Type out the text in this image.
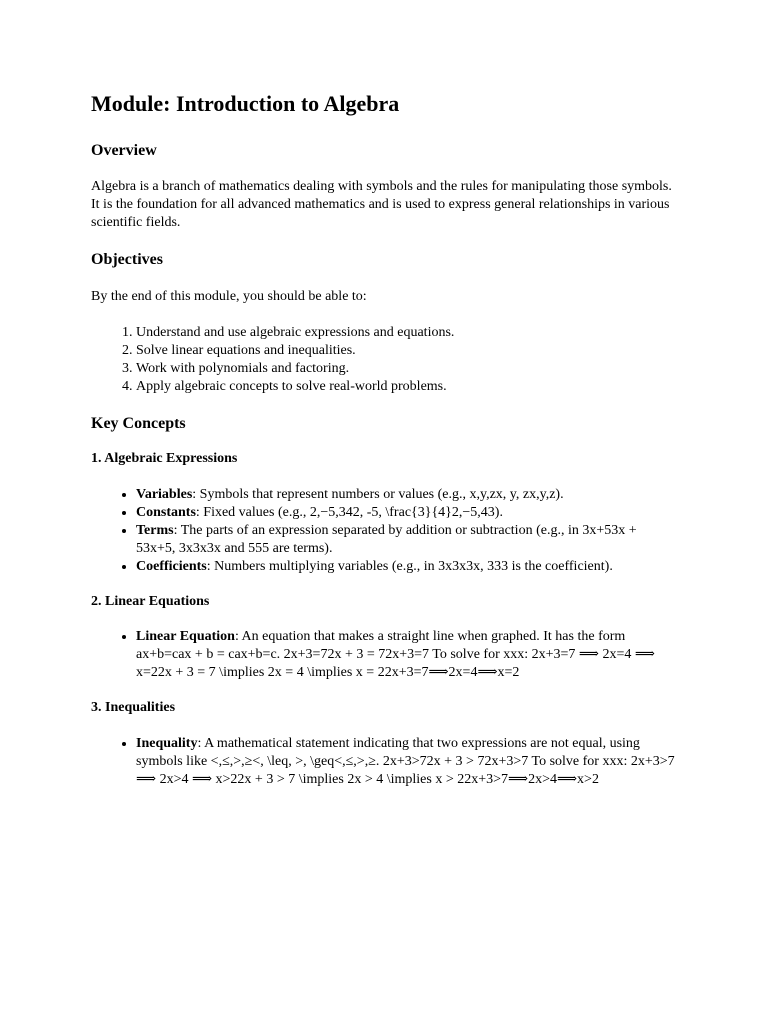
Module: Introduction to Algebra
Overview

Algebra is a branch of mathematics dealing with symbols and the rules for manipulating those symbols. It is the foundation for all advanced mathematics and is used to express general relationships in various scientific fields.

Objectives

By the end of this module, you should be able to:

1. Understand and use algebraic expressions and equations.
2. Solve linear equations and inequalities.
3. Work with polynomials and factoring.
4. Apply algebraic concepts to solve real-world problems.
Key Concepts
1. Algebraic Expressions
• Variables: Symbols that represent numbers or values (e.g., x,y,zx, y, zx,y,z).
• Constants: Fixed values (e.g., 2,−5,342, -5, \frac{3}{4}2,−5,43).
• Terms: The parts of an expression separated by addition or subtraction (e.g., in 3x+53x + 53x+5, 3x3x3x and 555 are terms).
• Coefficients: Numbers multiplying variables (e.g., in 3x3x3x, 333 is the coefficient).
2. Linear Equations
• Linear Equation: An equation that makes a straight line when graphed. It has the form ax+b=cax + b = cax+b=c. 2x+3=72x + 3 = 72x+3=7 To solve for xxx: 2x+3=7 ⟹ 2x=4 ⟹ x=22x + 3 = 7 \implies 2x = 4 \implies x = 22x+3=7⟹2x=4⟹x=2
3. Inequalities
• Inequality: A mathematical statement indicating that two expressions are not equal, using symbols like <,≤,>,≥<, \leq, >, \geq<,≤,>,≥. 2x+3>72x + 3 > 72x+3>7 To solve for xxx: 2x+3>7 ⟹ 2x>4 ⟹ x>22x + 3 > 7 \implies 2x > 4 \implies x > 22x+3>7⟹2x>4⟹x>2
